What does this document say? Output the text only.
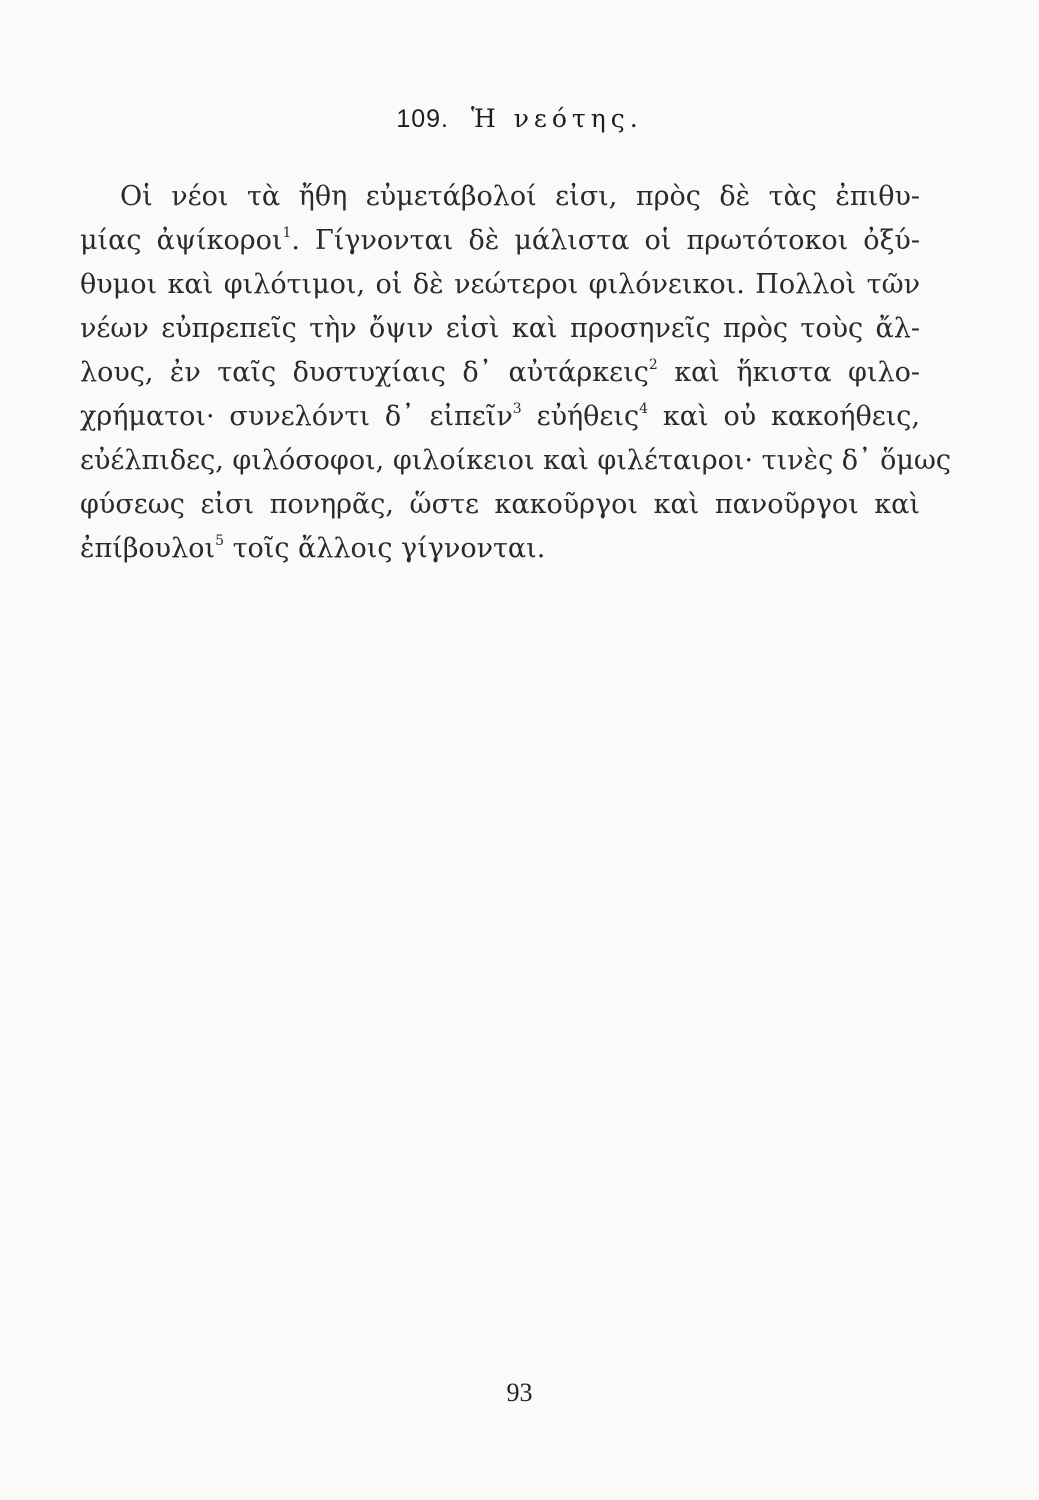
109. Ἡ νεότης.
Οἱ νέοι τὰ ἤθη εὐμετάβολοί εἰσι, πρὸς δὲ τὰς ἐπιθυ-
μίας ἀψίκοροι$^1$. Γίγνονται δὲ μάλιστα οἱ πρωτότοκοι ὀξύ-
θυμοι καὶ φιλότιμοι, οἱ δὲ νεώτεροι φιλόνεικοι. Πολλοὶ τῶν
νέων εὐπρεπεῖς τὴν ὄψιν εἰσὶ καὶ προσηνεῖς πρὸς τοὺς ἄλ-
λους, ἐν ταῖς δυστυχίαις δ᾽ αὐτάρκεις$^2$ καὶ ἥκιστα φιλο-
χρήματοι· συνελόντι δ᾽ εἰπεῖν$^3$ εὐήθεις$^4$ καὶ οὐ κακοήθεις,
εὐέλπιδες, φιλόσοφοι, φιλοίκειοι καὶ φιλέταιροι· τινὲς δ᾽ ὅμως
φύσεως εἰσι πονηρᾶς, ὥστε κακοῦργοι καὶ πανοῦργοι καὶ
ἐπίβουλοι$^5$ τοῖς ἄλλοις γίγνονται.
93
